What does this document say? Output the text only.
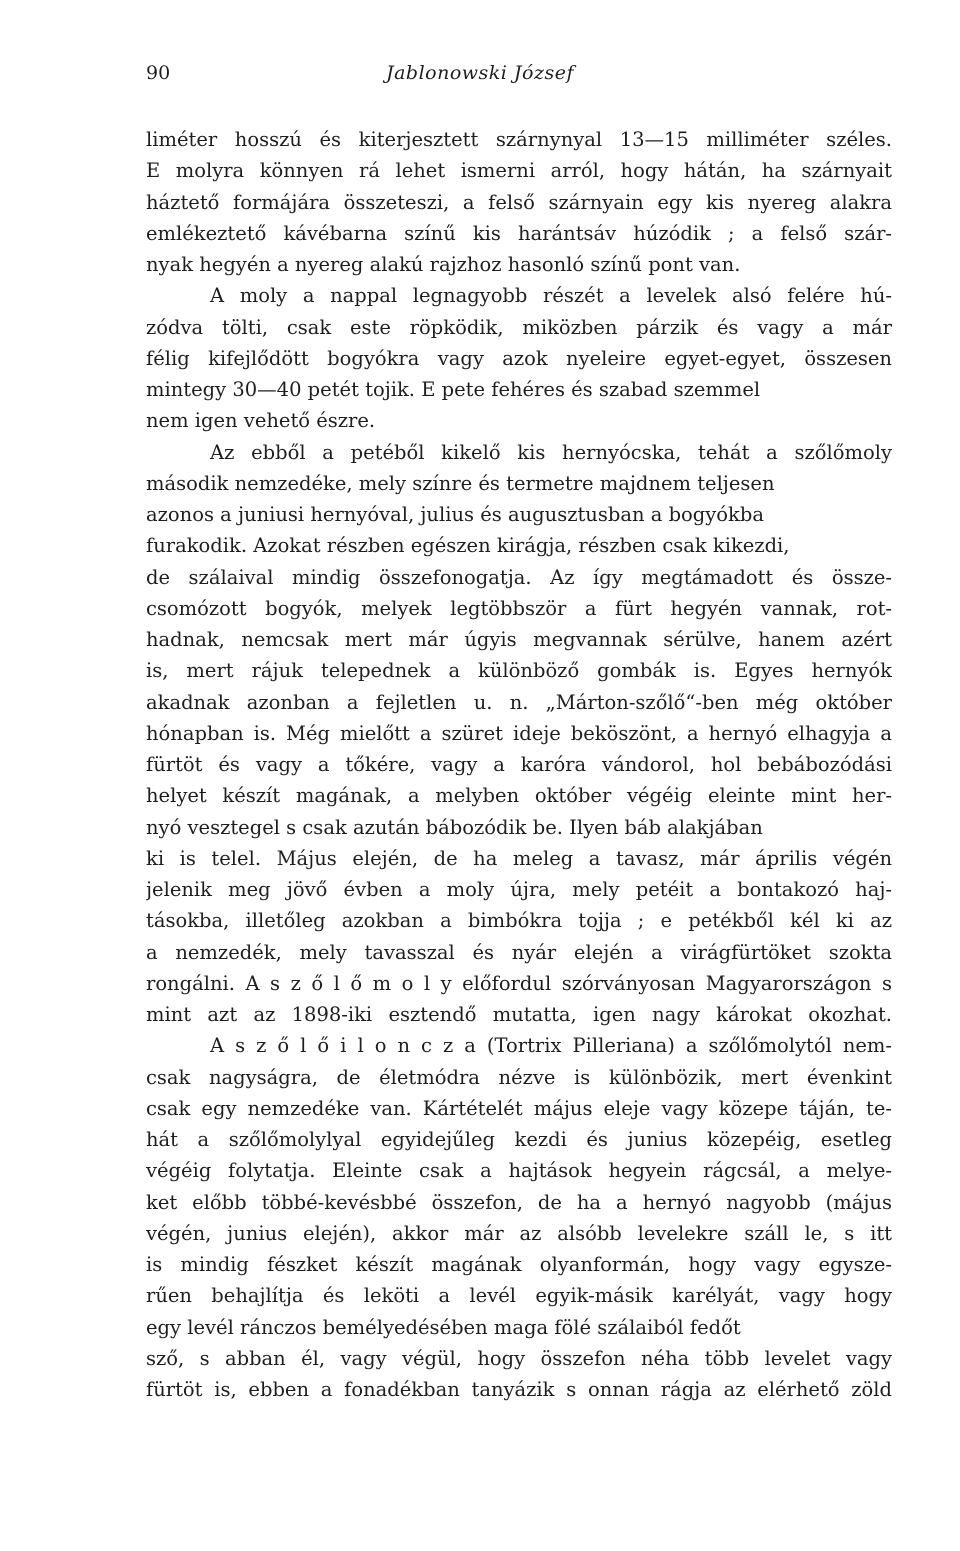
90	Jablonowski József
liméter hosszú és kiterjesztett szárnynyal 13—15 milliméter széles.
E molyra könnyen rá lehet ismerni arról, hogy hátán, ha szárnyait
háztető formájára összeteszi, a felső szárnyain egy kis nyereg alakra
emlékeztető kávébarna színű kis harántsáv húzódik ; a felső szár-
nyak hegyén a nyereg alakú rajzhoz hasonló színű pont van.
A moly a nappal legnagyobb részét a levelek alsó felére hú-
zódva tölti, csak este röpködik, miközben párzik és vagy a már
félig kifejlődött bogyókra vagy azok nyeleire egyet-egyet, összesen
mintegy 30—40 petét tojik. E pete fehéres és szabad szemmel
nem igen vehető észre.
Az ebből a petéből kikelő kis hernyócska, tehát a szőlőmoly
második nemzedéke, mely színre és termetre majdnem teljesen
azonos a juniusi hernyóval, julius és augusztusban a bogyókba
furakodik. Azokat részben egészen kirágja, részben csak kikezdi,
de szálaival mindig összefonogatja. Az így megtámadott és össze-
csomózott bogyók, melyek legtöbbször a fürt hegyén vannak, rot-
hadnak, nemcsak mert már úgyis megvannak sérülve, hanem azért
is, mert rájuk telepednek a különböző gombák is. Egyes hernyók
akadnak azonban a fejletlen u. n. „Márton-szőlő“-ben még október
hónapban is. Még mielőtt a szüret ideje beköszönt, a hernyó elhagyja a
fürtöt és vagy a tőkére, vagy a karóra vándorol, hol bebábozódási
helyet készít magának, a melyben október végéig eleinte mint her-
nyó vesztegel s csak azután bábozódik be. Ilyen báb alakjában
ki is telel. Május elején, de ha meleg a tavasz, már április végén
jelenik meg jövő évben a moly újra, mely petéit a bontakozó haj-
tásokba, illetőleg azokban a bimbókra tojja ; e petékből kél ki az
a nemzedék, mely tavasszal és nyár elején a virágfürtöket szokta
rongálni. A s z ő l ő m o l y előfordul szórványosan Magyarországon s
mint azt az 1898-iki esztendő mutatta, igen nagy károkat okozhat.
A s z ő l ő i l o n c z a (Tortrix Pilleriana) a szőlőmolytól nem-
csak nagyságra, de életmódra nézve is különbözik, mert évenkint
csak egy nemzedéke van. Kártételét május eleje vagy közepe táján, te-
hát a szőlőmolylyal egyidejűleg kezdi és junius közepéig, esetleg
végéig folytatja. Eleinte csak a hajtások hegyein rágcsál, a melye-
ket előbb többé-kevésbbé összefon, de ha a hernyó nagyobb (május
végén, junius elején), akkor már az alsóbb levelekre száll le, s itt
is mindig fészket készít magának olyanformán, hogy vagy egysze-
rűen behajlítja és leköti a levél egyik-másik karélyát, vagy hogy
egy levél ránczos bemélyedésében maga fölé szálaiból fedőt
sző, s abban él, vagy végül, hogy összefon néha több levelet vagy
fürtöt is, ebben a fonadékban tanyázik s onnan rágja az elérhető zöld
